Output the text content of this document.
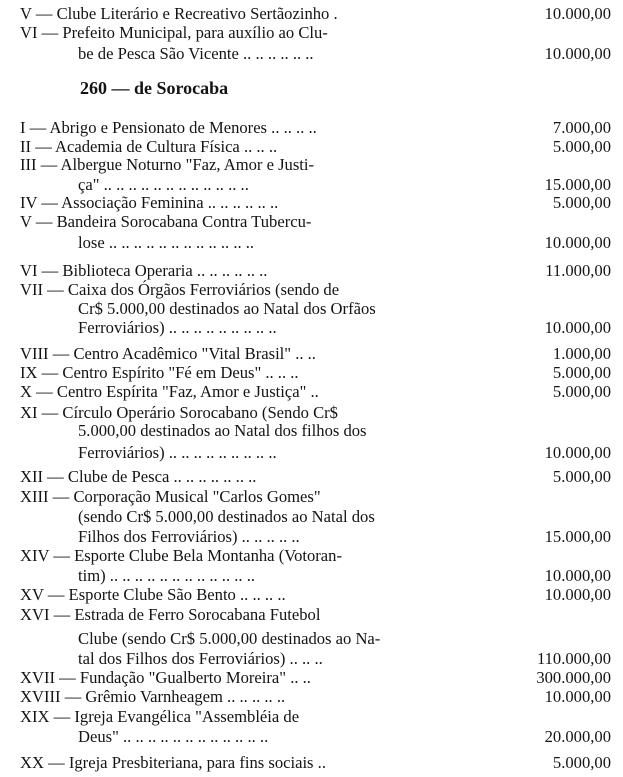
V — Clube Literário e Recreativo Sertãozinho .	10.000,00
VI — Prefeito Municipal, para auxílio ao Clu-
be de Pesca São Vicente .. .. .. .. .. ..	10.000,00
260 — de Sorocaba
I — Abrigo e Pensionato de Menores .. .. .. ..	7.000,00
II — Academia de Cultura Física .. .. ..	5.000,00
III — Albergue Noturno "Faz, Amor e Justi-
ça" .. .. .. .. .. .. .. .. .. .. .. ..	15.000,00
IV — Associação Feminina .. .. .. .. .. ..	5.000,00
V — Bandeira Sorocabana Contra Tubercu-
lose .. .. .. .. .. .. .. .. .. .. .. ..	10.000,00
VI — Biblioteca Operaria .. .. .. .. .. ..	11.000,00
VII — Caixa dos Órgãos Ferroviários (sendo de
Cr$ 5.000,00 destinados ao Natal dos Orfãos
Ferroviários) .. .. .. .. .. .. .. .. ..	10.000,00
VIII — Centro Acadêmico "Vital Brasil" .. ..	1.000,00
IX — Centro Espírito "Fé em Deus" .. .. ..	5.000,00
X — Centro Espírita "Faz, Amor e Justiça" ..	5.000,00
XI — Círculo Operário Sorocabano (Sendo Cr$
5.000,00 destinados ao Natal dos filhos dos
Ferroviários) .. .. .. .. .. .. .. .. ..	10.000,00
XII — Clube de Pesca .. .. .. .. .. .. ..	5.000,00
XIII — Corporação Musical "Carlos Gomes"
(sendo Cr$ 5.000,00 destinados ao Natal dos
Filhos dos Ferroviários) .. .. .. .. ..	15.000,00
XIV — Esporte Clube Bela Montanha (Votoran-
tim) .. .. .. .. .. .. .. .. .. .. .. ..	10.000,00
XV — Esporte Clube São Bento .. .. .. ..	10.000,00
XVI — Estrada de Ferro Sorocabana Futebol
Clube (sendo Cr$ 5.000,00 destinados ao Na-
tal dos Filhos dos Ferroviários) .. .. ..	110.000,00
XVII — Fundação "Gualberto Moreira" .. ..	300.000,00
XVIII — Grêmio Varnheagem .. .. .. .. ..	10.000,00
XIX — Igreja Evangélica "Assembléia de
Deus" .. .. .. .. .. .. .. .. .. .. .. ..	20.000,00
XX — Igreja Presbiteriana, para fins sociais ..	5.000,00
